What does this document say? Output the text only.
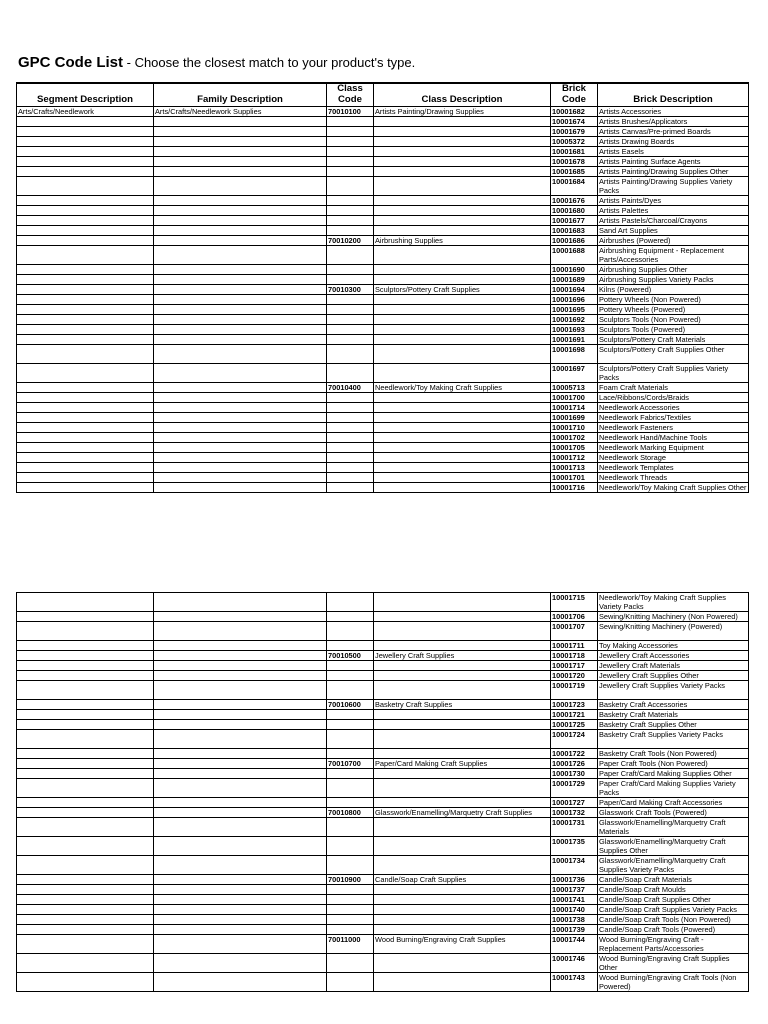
GPC Code List - Choose the closest match to your product's type.
Segment Description	Family Description	Class Code	Class Description	Brick Code	Brick Description
Arts/Crafts/Needlework	Arts/Crafts/Needlework Supplies	70010100	Artists Painting/Drawing Supplies	10001682	Artists Accessories
				10001674	Artists Brushes/Applicators
				10001679	Artists Canvas/Pre-primed Boards
				10005372	Artists Drawing Boards
				10001681	Artists Easels
				10001678	Artists Painting Surface Agents
				10001685	Artists Painting/Drawing Supplies Other
				10001684	Artists Painting/Drawing Supplies Variety Packs
				10001676	Artists Paints/Dyes
				10001680	Artists Palettes
				10001677	Artists Pastels/Charcoal/Crayons
				10001683	Sand Art Supplies
		70010200	Airbrushing Supplies	10001686	Airbrushes (Powered)
				10001688	Airbrushing Equipment - Replacement Parts/Accessories
				10001690	Airbrushing Supplies Other
				10001689	Airbrushing Supplies Variety Packs
		70010300	Sculptors/Pottery Craft Supplies	10001694	Kilns (Powered)
				10001696	Pottery Wheels (Non Powered)
				10001695	Pottery Wheels (Powered)
				10001692	Sculptors Tools (Non Powered)
				10001693	Sculptors Tools (Powered)
				10001691	Sculptors/Pottery Craft Materials
				10001698	Sculptors/Pottery Craft Supplies Other
				10001697	Sculptors/Pottery Craft Supplies Variety Packs
		70010400	Needlework/Toy Making Craft Supplies	10005713	Foam Craft Materials
				10001700	Lace/Ribbons/Cords/Braids
				10001714	Needlework Accessories
				10001699	Needlework Fabrics/Textiles
				10001710	Needlework Fasteners
				10001702	Needlework Hand/Machine Tools
				10001705	Needlework Marking Equipment
				10001712	Needlework Storage
				10001713	Needlework Templates
				10001701	Needlework Threads
				10001716	Needlework/Toy Making Craft Supplies Other
				10001715	Needlework/Toy Making Craft Supplies Variety Packs
				10001706	Sewing/Knitting Machinery (Non Powered)
				10001707	Sewing/Knitting Machinery (Powered)
				10001711	Toy Making Accessories
		70010500	Jewellery Craft Supplies	10001718	Jewellery Craft Accessories
				10001717	Jewellery Craft Materials
				10001720	Jewellery Craft Supplies Other
				10001719	Jewellery Craft Supplies Variety Packs
		70010600	Basketry Craft Supplies	10001723	Basketry Craft Accessories
				10001721	Basketry Craft Materials
				10001725	Basketry Craft Supplies Other
				10001724	Basketry Craft Supplies Variety Packs
				10001722	Basketry Craft Tools (Non Powered)
		70010700	Paper/Card Making Craft Supplies	10001726	Paper Craft Tools (Non Powered)
				10001730	Paper Craft/Card Making Supplies Other
				10001729	Paper Craft/Card Making Supplies Variety Packs
				10001727	Paper/Card Making Craft Accessories
		70010800	Glasswork/Enamelling/Marquetry Craft Supplies	10001732	Glasswork Craft Tools (Powered)
				10001731	Glasswork/Enamelling/Marquetry Craft Materials
				10001735	Glasswork/Enamelling/Marquetry Craft Supplies Other
				10001734	Glasswork/Enamelling/Marquetry Craft Supplies Variety Packs
		70010900	Candle/Soap Craft Supplies	10001736	Candle/Soap Craft Materials
				10001737	Candle/Soap Craft Moulds
				10001741	Candle/Soap Craft Supplies Other
				10001740	Candle/Soap Craft Supplies Variety Packs
				10001738	Candle/Soap Craft Tools (Non Powered)
				10001739	Candle/Soap Craft Tools (Powered)
		70011000	Wood Burning/Engraving Craft Supplies	10001744	Wood Burning/Engraving Craft - Replacement Parts/Accessories
				10001746	Wood Burning/Engraving Craft Supplies Other
				10001743	Wood Burning/Engraving Craft Tools (Non Powered)
